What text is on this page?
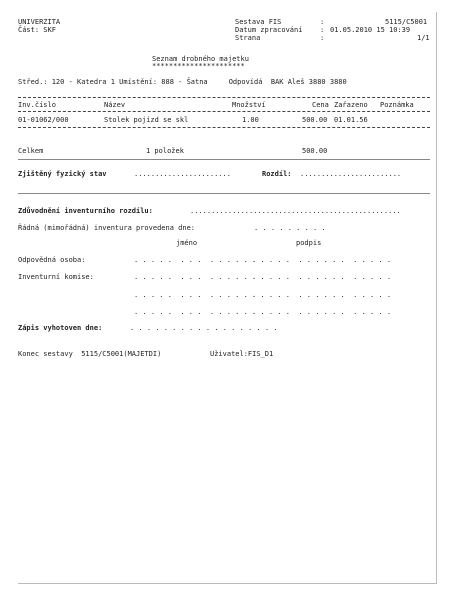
UNIVERZITA
Část: SKF
Sestava FIS	:	5115/C5001
Datum zpracování	: 01.05.2010 15 10:39
Strana	:	1/1
Seznam drobného majetku
**********************
Střed.: 120 - Katedra 1 Umístění: 888 - Šatna     Odpovídá  BAK Aleš 3880 3880
Inv.číslo	Název	Množství	Cena Zařazeno Poznámka
01-01062/000	Stolek pojízd se skl	1.00	500.00 01.01.56
Celkem	1 položek	500.00
Zjištěný fyzický stav	.......................	Rozdíl: ........................
Zdůvodnění inventurního rozdílu:	..................................................
Řádná (mimořádná) inventura provedena dne:	. . . . . . . . .
jméno	podpis
Odpovědná osoba:	. . . . .  . . .  . . . . . .
. . . . .  . . . . . .  . . . . .
Inventurní komise:	. . . . .  . . .  . . . . . .
. . . . .  . . . . . .  . . . . .
. . . . .  . . .  . . . . . .
. . . . .  . . . . . .  . . . . .
. . . . .  . . .  . . . . . .
. . . . .  . . . . . .  . . . . .
Zápis vyhotoven dne:	. . . . . . . . . . . . . . . . . .
Konec sestavy  5115/C5001(MAJETDI)	Uživatel:FIS_D1
